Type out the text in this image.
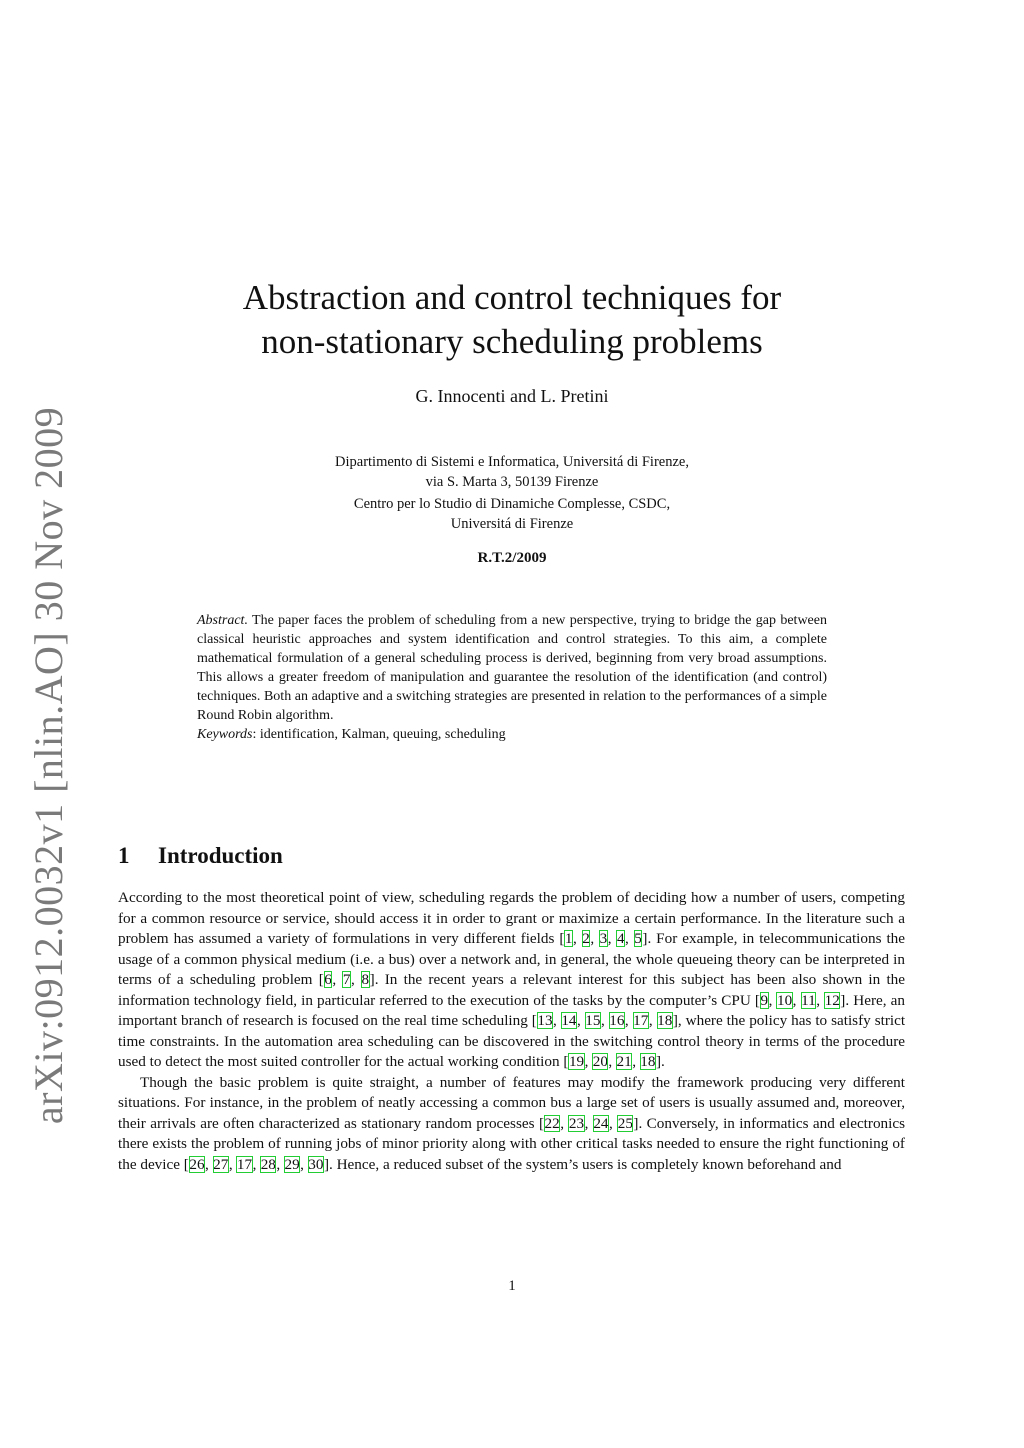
arXiv:0912.0032v1 [nlin.AO] 30 Nov 2009
Abstraction and control techniques for
non-stationary scheduling problems
G. Innocenti and L. Pretini
Dipartimento di Sistemi e Informatica, Universitá di Firenze,
via S. Marta 3, 50139 Firenze
Centro per lo Studio di Dinamiche Complesse, CSDC,
Universitá di Firenze
R.T.2/2009

Abstract. The paper faces the problem of scheduling from a new perspective, trying to bridge the gap between classical heuristic approaches and system identification and control strategies. To this aim, a complete mathematical formulation of a general scheduling process is derived, beginning from very broad assumptions. This allows a greater freedom of manipulation and guarantee the resolution of the identification (and control) techniques. Both an adaptive and a switching strategies are presented in relation to the performances of a simple Round Robin algorithm.

Keywords: identification, Kalman, queuing, scheduling

1 Introduction

According to the most theoretical point of view, scheduling regards the problem of deciding how a number of users, competing for a common resource or service, should access it in order to grant or maximize a certain performance. In the literature such a problem has assumed a variety of formulations in very different fields [1, 2, 3, 4, 5]. For example, in telecommunications the usage of a common physical medium (i.e. a bus) over a network and, in general, the whole queueing theory can be interpreted in terms of a scheduling problem [6, 7, 8]. In the recent years a relevant interest for this subject has been also shown in the information technology field, in particular referred to the execution of the tasks by the computer’s CPU [9, 10, 11, 12]. Here, an important branch of research is focused on the real time scheduling [13, 14, 15, 16, 17, 18], where the policy has to satisfy strict time constraints. In the automation area scheduling can be discovered in the switching control theory in terms of the procedure used to detect the most suited controller for the actual working condition [19, 20, 21, 18].

Though the basic problem is quite straight, a number of features may modify the framework producing very different situations. For instance, in the problem of neatly accessing a common bus a large set of users is usually assumed and, moreover, their arrivals are often characterized as stationary random processes [22, 23, 24, 25]. Conversely, in informatics and electronics there exists the problem of running jobs of minor priority along with other critical tasks needed to ensure the right functioning of the device [26, 27, 17, 28, 29, 30]. Hence, a reduced subset of the system’s users is completely known beforehand and

1
